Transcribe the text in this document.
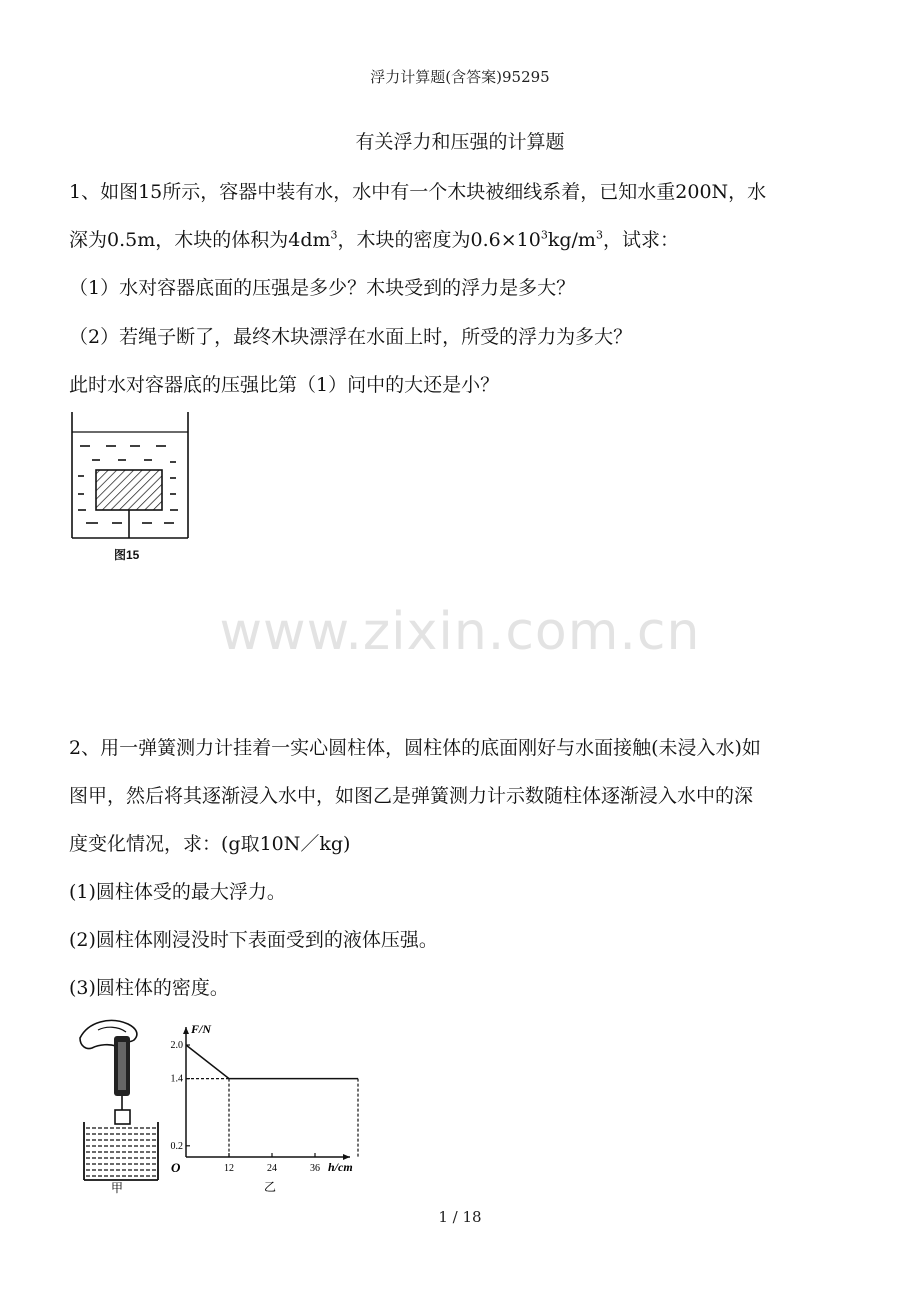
浮力计算题(含答案)95295
有关浮力和压强的计算题
1、如图15所示，容器中装有水，水中有一个木块被细线系着，已知水重200N，水
深为0.5m，木块的体积为$4dm^3$，木块的密度为$0.6\times 10^3kg/m^3$，试求：
（1）水对容器底面的压强是多少？木块受到的浮力是多大？
（2）若绳子断了，最终木块漂浮在水面上时，所受的浮力为多大？
此时水对容器底的压强比第（1）问中的大还是小？
图15
www.zixin.com.cn
2、用一弹簧测力计挂着一实心圆柱体，圆柱体的底面刚好与水面接触(未浸入水)如
图甲，然后将其逐渐浸入水中，如图乙是弹簧测力计示数随柱体逐渐浸入水中的深
度变化情况，求：(g取10N／kg)
(1)圆柱体受的最大浮力。
(2)圆柱体刚浸没时下表面受到的液体压强。
(3)圆柱体的密度。
甲
12	24	36
0.2
1.4
2.0
F/N
h/cm
O
乙
1 / 18
